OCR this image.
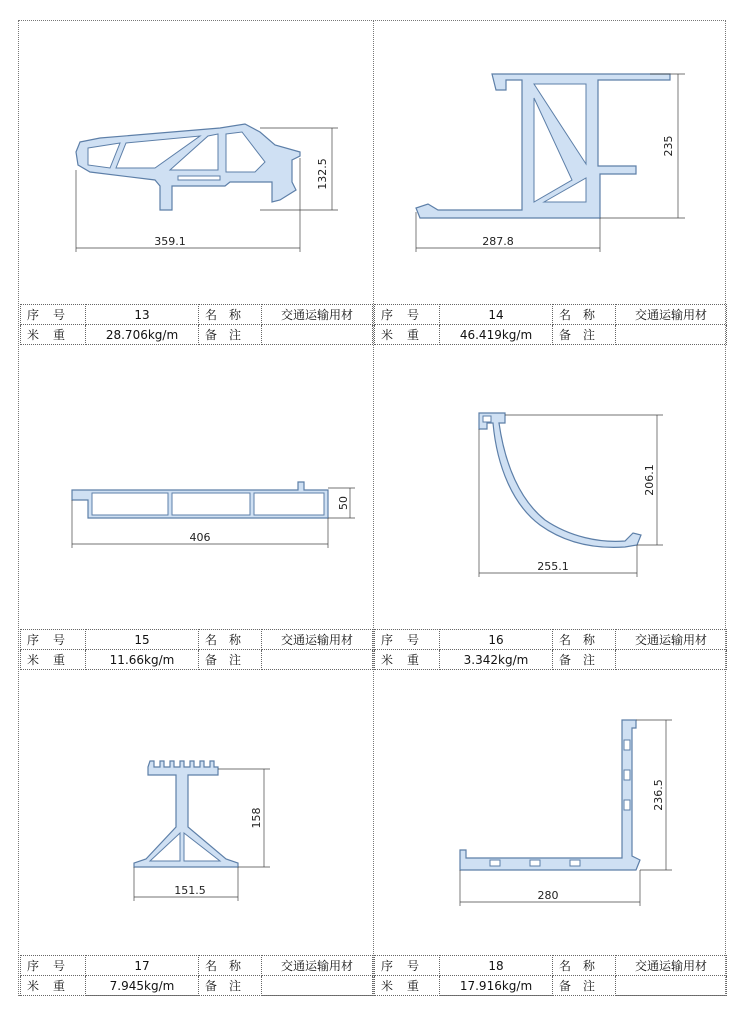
132.5
359.1
235
287.8
序号	13	名称	交通运输用材
米重	28.706kg/m	备注	
序号	14	名称	交通运输用材
米重	46.419kg/m	备注	
50
406
206.1
255.1
序号	15	名称	交通运输用材
米重	11.66kg/m	备注	
序号	16	名称	交通运输用材
米重	3.342kg/m	备注	
158
151.5
236.5
280
序号	17	名称	交通运输用材
米重	7.945kg/m	备注	
序号	18	名称	交通运输用材
米重	17.916kg/m	备注	
